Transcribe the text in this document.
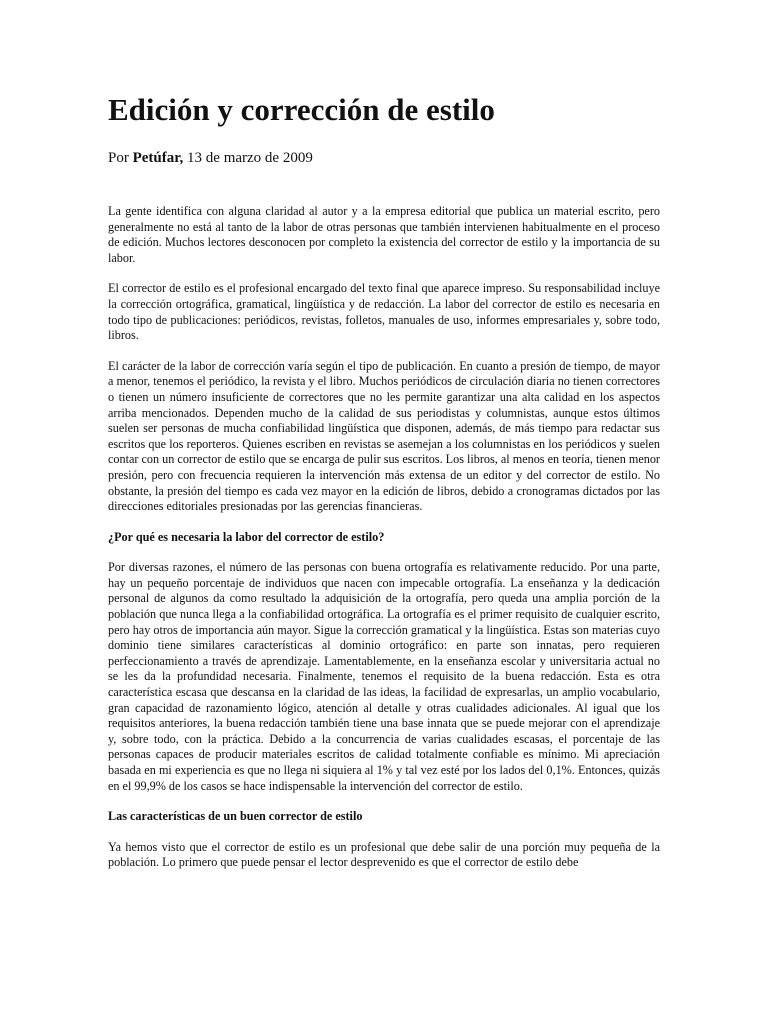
Edición y corrección de estilo

Por Petúfar, 13 de marzo de 2009

La gente identifica con alguna claridad al autor y a la empresa editorial que publica un material escrito, pero generalmente no está al tanto de la labor de otras personas que también intervienen habitualmente en el proceso de edición. Muchos lectores desconocen por completo la existencia del corrector de estilo y la importancia de su labor.

El corrector de estilo es el profesional encargado del texto final que aparece impreso. Su responsabilidad incluye la corrección ortográfica, gramatical, lingüística y de redacción. La labor del corrector de estilo es necesaria en todo tipo de publicaciones: periódicos, revistas, folletos, manuales de uso, informes empresariales y, sobre todo, libros.

El carácter de la labor de corrección varía según el tipo de publicación. En cuanto a presión de tiempo, de mayor a menor, tenemos el periódico, la revista y el libro. Muchos periódicos de circulación diaria no tienen correctores o tienen un número insuficiente de correctores que no les permite garantizar una alta calidad en los aspectos arriba mencionados. Dependen mucho de la calidad de sus periodistas y columnistas, aunque estos últimos suelen ser personas de mucha confiabilidad lingüística que disponen, además, de más tiempo para redactar sus escritos que los reporteros. Quienes escriben en revistas se asemejan a los columnistas en los periódicos y suelen contar con un corrector de estilo que se encarga de pulir sus escritos. Los libros, al menos en teoría, tienen menor presión, pero con frecuencia requieren la intervención más extensa de un editor y del corrector de estilo. No obstante, la presión del tiempo es cada vez mayor en la edición de libros, debido a cronogramas dictados por las direcciones editoriales presionadas por las gerencias financieras.

¿Por qué es necesaria la labor del corrector de estilo?

Por diversas razones, el número de las personas con buena ortografía es relativamente reducido. Por una parte, hay un pequeño porcentaje de individuos que nacen con impecable ortografía. La enseñanza y la dedicación personal de algunos da como resultado la adquisición de la ortografía, pero queda una amplia porción de la población que nunca llega a la confiabilidad ortográfica. La ortografía es el primer requisito de cualquier escrito, pero hay otros de importancia aún mayor. Sigue la corrección gramatical y la lingüística. Estas son materias cuyo dominio tiene similares características al dominio ortográfico: en parte son innatas, pero requieren perfeccionamiento a través de aprendizaje. Lamentablemente, en la enseñanza escolar y universitaria actual no se les da la profundidad necesaria. Finalmente, tenemos el requisito de la buena redacción. Esta es otra característica escasa que descansa en la claridad de las ideas, la facilidad de expresarlas, un amplio vocabulario, gran capacidad de razonamiento lógico, atención al detalle y otras cualidades adicionales. Al igual que los requisitos anteriores, la buena redacción también tiene una base innata que se puede mejorar con el aprendizaje y, sobre todo, con la práctica. Debido a la concurrencia de varias cualidades escasas, el porcentaje de las personas capaces de producir materiales escritos de calidad totalmente confiable es mínimo. Mi apreciación basada en mi experiencia es que no llega ni siquiera al 1% y tal vez esté por los lados del 0,1%. Entonces, quizás en el 99,9% de los casos se hace indispensable la intervención del corrector de estilo.

Las características de un buen corrector de estilo

Ya hemos visto que el corrector de estilo es un profesional que debe salir de una porción muy pequeña de la población. Lo primero que puede pensar el lector desprevenido es que el corrector de estilo debe
